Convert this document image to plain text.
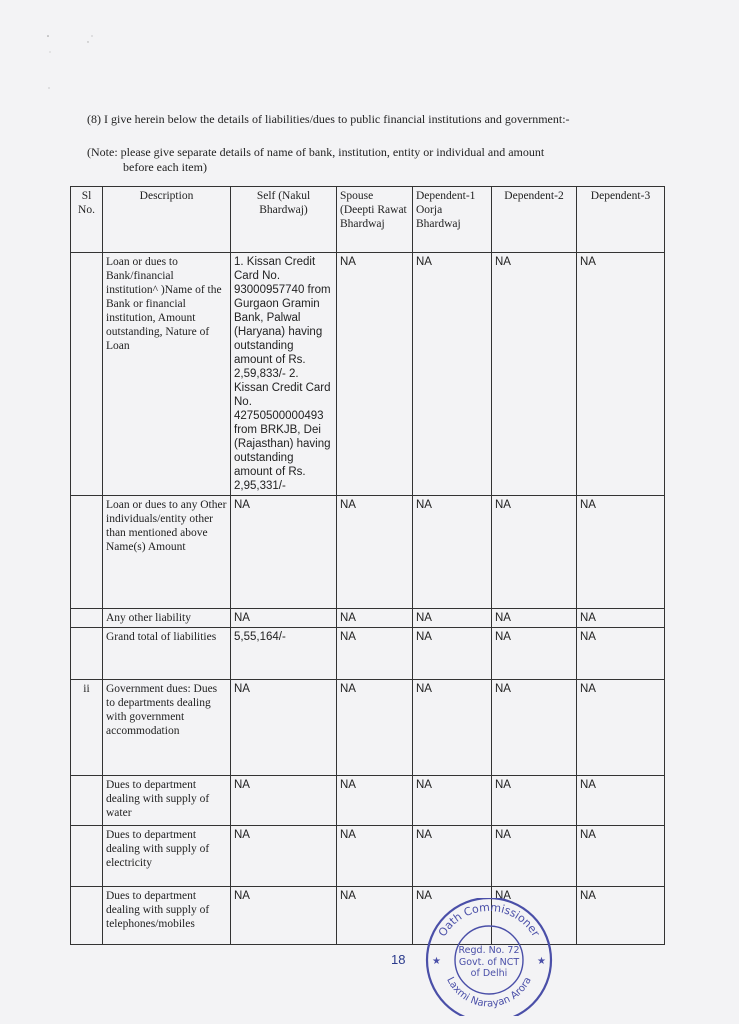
(8) I give herein below the details of liabilities/dues to public financial institutions and government:-
(Note: please give separate details of name of bank, institution, entity or individual and amount
before each item)
Sl No.	Description	Self (Nakul Bhardwaj)	Spouse (Deepti Rawat Bhardwaj	Dependent-1 Oorja Bhardwaj	Dependent-2	Dependent-3
	Loan or dues to Bank/financial institution^ )Name of the Bank or financial institution, Amount outstanding, Nature of Loan	1. Kissan Credit Card No. 93000957740 from Gurgaon Gramin Bank, Palwal (Haryana) having outstanding amount of Rs. 2,59,833/- 2. Kissan Credit Card No. 42750500000493 from BRKJB, Dei (Rajasthan) having outstanding amount of Rs. 2,95,331/-	NA	NA	NA	NA
	Loan or dues to any Other individuals/entity other than mentioned above Name(s) Amount	NA	NA	NA	NA	NA
	Any other liability	NA	NA	NA	NA	NA
	Grand total of liabilities	5,55,164/-	NA	NA	NA	NA
ii	Government dues: Dues to departments dealing with government accommodation	NA	NA	NA	NA	NA
	Dues to department dealing with supply of water	NA	NA	NA	NA	NA
	Dues to department dealing with supply of electricity	NA	NA	NA	NA	NA
	Dues to department dealing with supply of telephones/mobiles	NA	NA	NA	NA	NA
18
Oath Commissioner
Laxmi Narayan Arora
★	★
Regd. No. 72
Govt. of NCT
of Delhi
